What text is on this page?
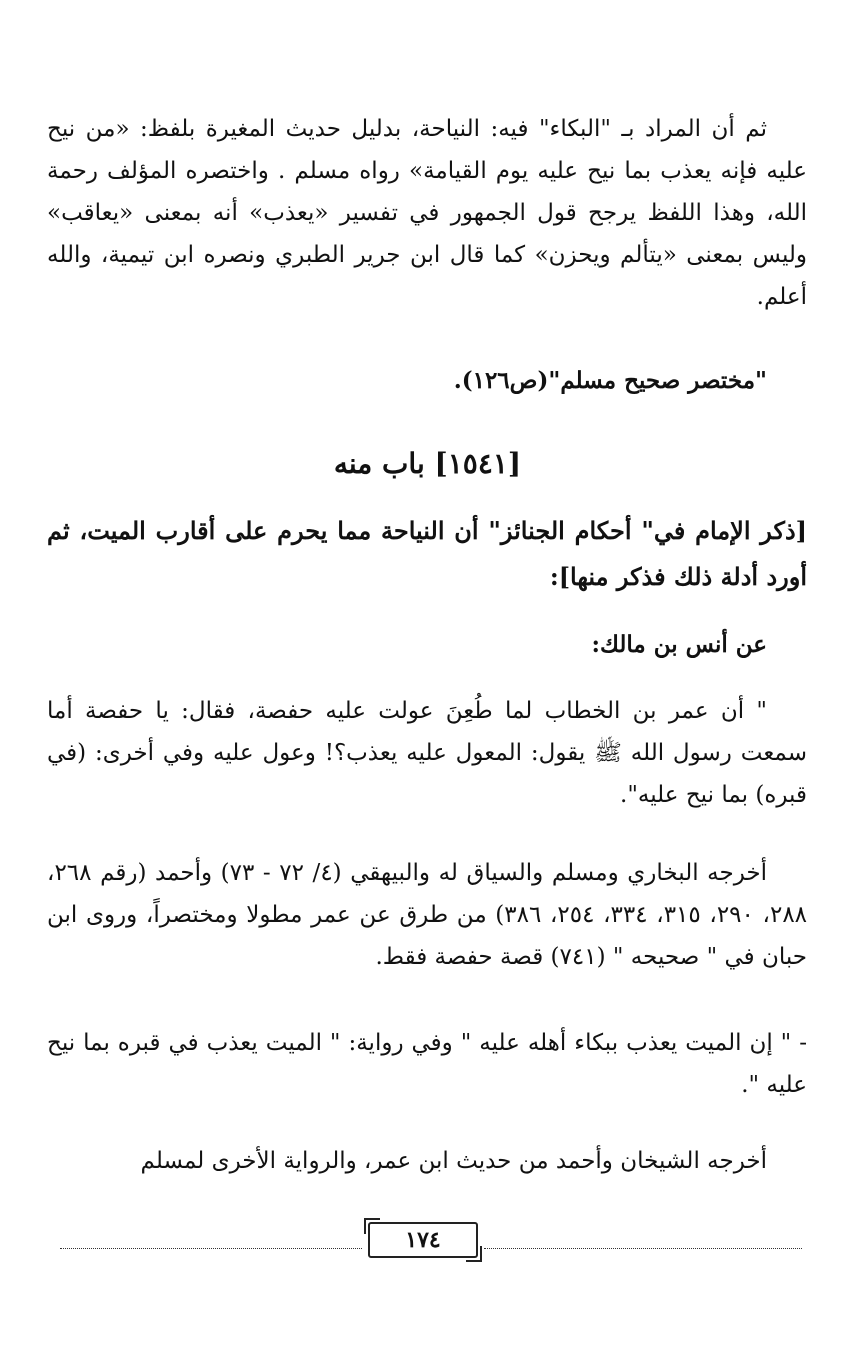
ثم أن المراد بـ "البكاء" فيه: النياحة، بدليل حديث المغيرة بلفظ: «من نيح عليه فإنه يعذب بما نيح عليه يوم القيامة» رواه مسلم . واختصره المؤلف رحمة الله، وهذا اللفظ يرجح قول الجمهور في تفسير «يعذب» أنه بمعنى «يعاقب» وليس بمعنى «يتألم ويحزن» كما قال ابن جرير الطبري ونصره ابن تيمية، والله أعلم.

"مختصر صحيح مسلم"(ص١٢٦).

[١٥٤١] باب منه

[ذكر الإمام في" أحكام الجنائز" أن النياحة مما يحرم على أقارب الميت، ثم أورد أدلة ذلك فذكر منها]:

عن أنس بن مالك:

" أن عمر بن الخطاب لما طُعِنَ عولت عليه حفصة، فقال: يا حفصة أما سمعت رسول الله ﷺ يقول: المعول عليه يعذب؟! وعول عليه وفي أخرى: (في قبره) بما نيح عليه".

أخرجه البخاري ومسلم والسياق له والبيهقي (٤/ ٧٢ - ٧٣) وأحمد (رقم ٢٦٨، ٢٨٨، ٢٩٠، ٣١٥، ٣٣٤، ٢٥٤، ٣٨٦) من طرق عن عمر مطولا ومختصراً، وروى ابن حبان في " صحيحه " (٧٤١) قصة حفصة فقط.

- " إن الميت يعذب ببكاء أهله عليه " وفي رواية: " الميت يعذب في قبره بما نيح عليه ".

أخرجه الشيخان وأحمد من حديث ابن عمر، والرواية الأخرى لمسلم

١٧٤
